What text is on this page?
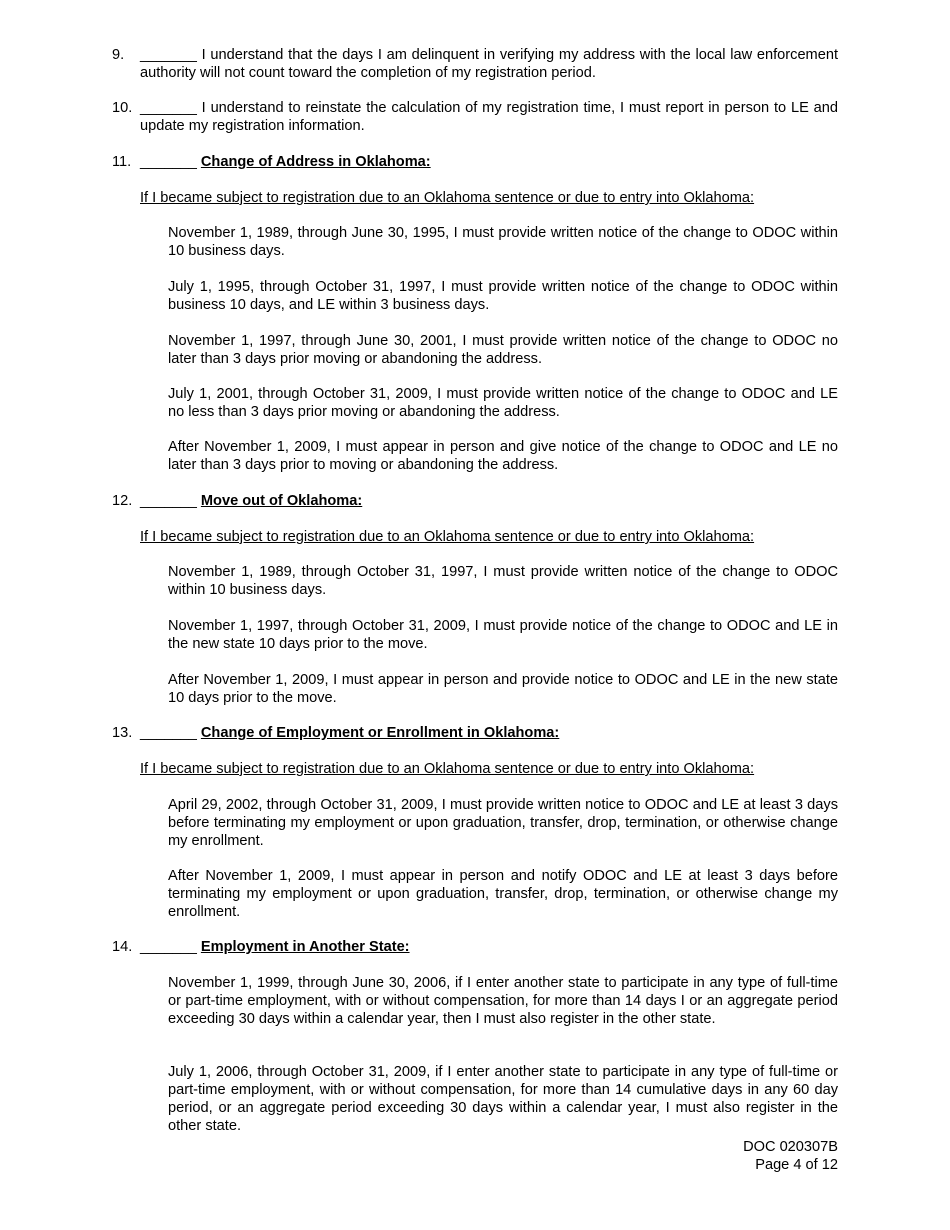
9. _______ I understand that the days I am delinquent in verifying my address with the local law enforcement authority will not count toward the completion of my registration period.
10. _______ I understand to reinstate the calculation of my registration time, I must report in person to LE and update my registration information.
11. _______ Change of Address in Oklahoma:
If I became subject to registration due to an Oklahoma sentence or due to entry into Oklahoma:
November 1, 1989, through June 30, 1995, I must provide written notice of the change to ODOC within 10 business days.
July 1, 1995, through October 31, 1997, I must provide written notice of the change to ODOC within business 10 days, and LE within 3 business days.
November 1, 1997, through June 30, 2001, I must provide written notice of the change to ODOC no later than 3 days prior moving or abandoning the address.
July 1, 2001, through October 31, 2009, I must provide written notice of the change to ODOC and LE no less than 3 days prior moving or abandoning the address.
After November 1, 2009, I must appear in person and give notice of the change to ODOC and LE no later than 3 days prior to moving or abandoning the address.
12. _______ Move out of Oklahoma:
If I became subject to registration due to an Oklahoma sentence or due to entry into Oklahoma:
November 1, 1989, through October 31, 1997, I must provide written notice of the change to ODOC within 10 business days.
November 1, 1997, through October 31, 2009, I must provide notice of the change to ODOC and LE in the new state 10 days prior to the move.
After November 1, 2009, I must appear in person and provide notice to ODOC and LE in the new state 10 days prior to the move.
13. _______ Change of Employment or Enrollment in Oklahoma:
If I became subject to registration due to an Oklahoma sentence or due to entry into Oklahoma:
April 29, 2002, through October 31, 2009, I must provide written notice to ODOC and LE at least 3 days before terminating my employment or upon graduation, transfer, drop, termination, or otherwise change my enrollment.
After November 1, 2009, I must appear in person and notify ODOC and LE at least 3 days before terminating my employment or upon graduation, transfer, drop, termination, or otherwise change my enrollment.
14. _______ Employment in Another State:
November 1, 1999, through June 30, 2006, if I enter another state to participate in any type of full-time or part-time employment, with or without compensation, for more than 14 days I or an aggregate period exceeding 30 days within a calendar year, then I must also register in the other state.
July 1, 2006, through October 31, 2009, if I enter another state to participate in any type of full-time or part-time employment, with or without compensation, for more than 14 cumulative days in any 60 day period, or an aggregate period exceeding 30 days within a calendar year, I must also register in the other state.
DOC 020307B
Page 4 of 12
